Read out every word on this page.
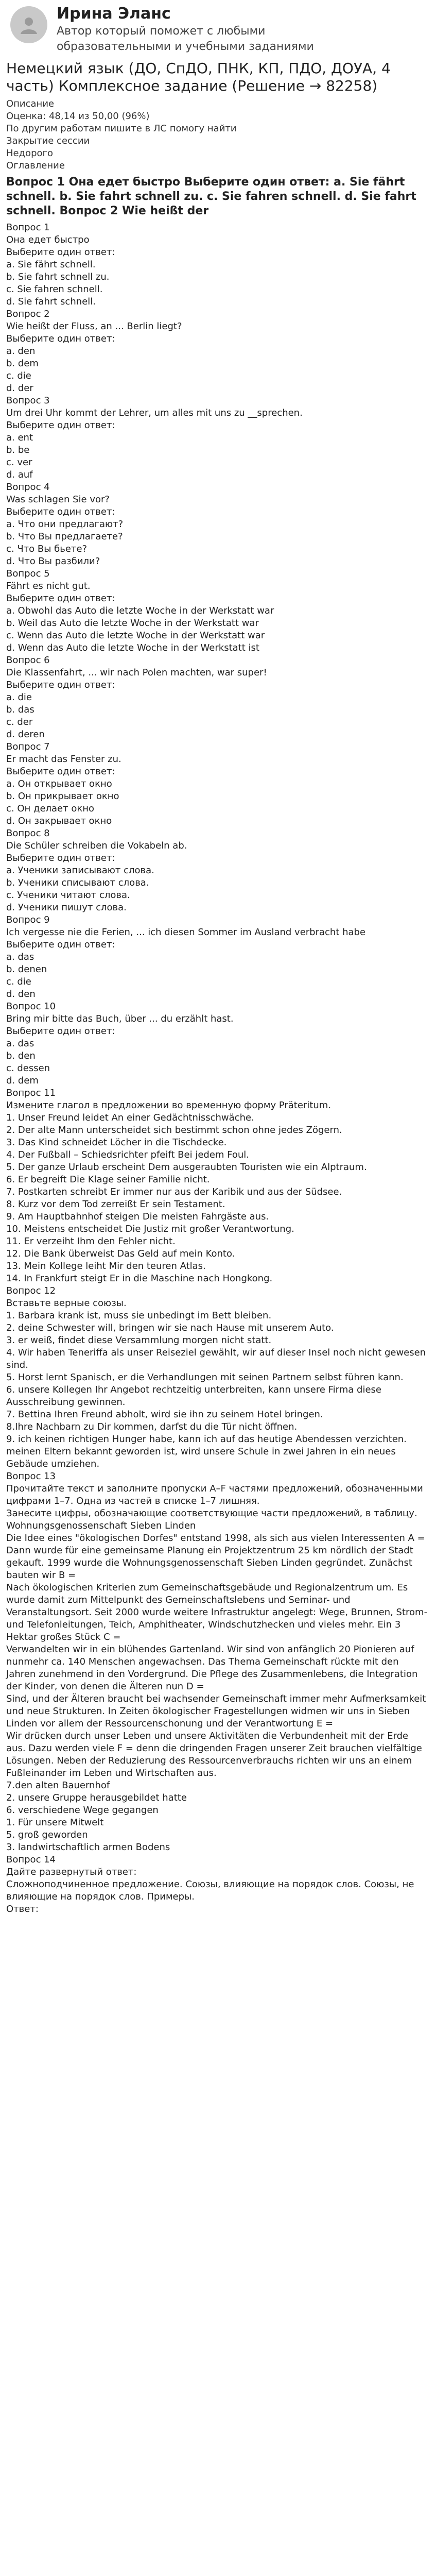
Ирина Эланс
Автор который поможет с любыми образовательными и учебными заданиями
Немецкий язык (ДО, СпДО, ПНК, КП, ПДО, ДОУА, 4 часть) Комплексное задание (Решение → 82258)

Описание

Оценка: 48,14 из 50,00 (96%)

По другим работам пишите в ЛС помогу найти

Закрытие сессии

Недорого

Оглавление

Вопрос 1 Она едет быстро Выберите один ответ: a. Sie fährt schnell. b. Sie fahrt schnell zu. c. Sie fahren schnell. d. Sie fahrt schnell. Вопрос 2 Wie heißt der

Вопрос 1

Она едет быстро

Выберите один ответ:

a. Sie fährt schnell.

b. Sie fahrt schnell zu.

c. Sie fahren schnell.

d. Sie fahrt schnell.

Вопрос 2

Wie heißt der Fluss, an ... Berlin liegt?

Выберите один ответ:

a. den

b. dem

c. die

d. der

Вопрос 3

Um drei Uhr kommt der Lehrer, um alles mit uns zu __sprechen.

Выберите один ответ:

a. ent

b. be

c. ver

d. auf

Вопрос 4

Was schlagen Sie vor?

Выберите один ответ:

a. Что они предлагают?

b. Что Вы предлагаете?

c. Что Вы бьете?

d. Что Вы разбили?

Вопрос 5

Fährt es nicht gut.

Выберите один ответ:

a. Obwohl das Auto die letzte Woche in der Werkstatt war

b. Weil das Auto die letzte Woche in der Werkstatt war

c. Wenn das Auto die letzte Woche in der Werkstatt war

d. Wenn das Auto die letzte Woche in der Werkstatt ist

Вопрос 6

Die Klassenfahrt, ... wir nach Polen machten, war super!

Выберите один ответ:

a. die

b. das

c. der

d. deren

Вопрос 7

Er macht das Fenster zu.

Выберите один ответ:

a. Он открывает окно

b. Он прикрывает окно

c. Он делает окно

d. Он закрывает окно

Вопрос 8

Die Schüler schreiben die Vokabeln ab.

Выберите один ответ:

a. Ученики записывают слова.

b. Ученики списывают слова.

c. Ученики читают слова.

d. Ученики пишут слова.

Вопрос 9

Ich vergesse nie die Ferien, ... ich diesen Sommer im Ausland verbracht habe

Выберите один ответ:

a. das

b. denen

c. die

d. den

Вопрос 10

Bring mir bitte das Buch, über ... du erzählt hast.

Выберите один ответ:

a. das

b. den

c. dessen

d. dem

Вопрос 11

Измените глагол в предложении во временную форму Präteritum.

1. Unser Freund leidet An einer Gedächtnisschwäche.

2. Der alte Mann unterscheidet sich bestimmt schon ohne jedes Zögern.

3. Das Kind schneidet Löcher in die Tischdecke.

4. Der Fußball – Schiedsrichter pfeift Bei jedem Foul.

5. Der ganze Urlaub erscheint Dem ausgeraubten Touristen wie ein Alptraum.

6. Er begreift Die Klage seiner Familie nicht.

7. Postkarten schreibt Er immer nur aus der Karibik und aus der Südsee.

8. Kurz vor dem Tod zerreißt Er sein Testament.

9. Am Hauptbahnhof steigen Die meisten Fahrgäste aus.

10. Meistens entscheidet Die Justiz mit großer Verantwortung.

11. Er verzeiht Ihm den Fehler nicht.

12. Die Bank überweist Das Geld auf mein Konto.

13. Mein Kollege leiht Mir den teuren Atlas.

14. In Frankfurt steigt Er in die Maschine nach Hongkong.

Вопрос 12

Вставьте верные союзы.

1. Barbara krank ist, muss sie unbedingt im Bett bleiben.

2. deine Schwester will, bringen wir sie nach Hause mit unserem Auto.

3. er weiß, findet diese Versammlung morgen nicht statt.

4. Wir haben Teneriffa als unser Reiseziel gewählt, wir auf dieser Insel noch nicht gewesen sind.

5. Horst lernt Spanisch, er die Verhandlungen mit seinen Partnern selbst führen kann.

6. unsere Kollegen Ihr Angebot rechtzeitig unterbreiten, kann unsere Firma diese Ausschreibung gewinnen.

7. Bettina Ihren Freund abholt, wird sie ihn zu seinem Hotel bringen.

8.Ihre Nachbarn zu Dir kommen, darfst du die Tür nicht öffnen.

9. ich keinen richtigen Hunger habe, kann ich auf das heutige Abendessen verzichten.

meinen Eltern bekannt geworden ist, wird unsere Schule in zwei Jahren in ein neues Gebäude umziehen.

Вопрос 13

Прочитайте текст и заполните пропуски A–F частями предложений, обозначенными цифрами 1–7. Одна из частей в списке 1–7 лишняя.

Занесите цифры, обозначающие соответствующие части предложений, в таблицу.

Wohnungsgenossenschaft Sieben Linden

Die Idee eines "ökologischen Dorfes" entstand 1998, als sich aus vielen Interessenten A =

Dann wurde für eine gemeinsame Planung ein Projektzentrum 25 km nördlich der Stadt gekauft. 1999 wurde die Wohnungsgenossenschaft Sieben Linden gegründet. Zunächst bauten wir B =

Nach ökologischen Kriterien zum Gemeinschaftsgebäude und Regionalzentrum um. Es wurde damit zum Mittelpunkt des Gemeinschaftslebens und Seminar- und Veranstaltungsort. Seit 2000 wurde weitere Infrastruktur angelegt: Wege, Brunnen, Strom- und Telefonleitungen, Teich, Amphitheater, Windschutzhecken und vieles mehr. Ein 3 Hektar großes Stück C =

Verwandelten wir in ein blühendes Gartenland. Wir sind von anfänglich 20 Pionieren auf nunmehr ca. 140 Menschen angewachsen. Das Thema Gemeinschaft rückte mit den Jahren zunehmend in den Vordergrund. Die Pflege des Zusammenlebens, die Integration der Kinder, von denen die Älteren nun D =

Sind, und der Älteren braucht bei wachsender Gemeinschaft immer mehr Aufmerksamkeit und neue Strukturen. In Zeiten ökologischer Fragestellungen widmen wir uns in Sieben Linden vor allem der Ressourcenschonung und der Verantwortung E =

Wir drücken durch unser Leben und unsere Aktivitäten die Verbundenheit mit der Erde aus. Dazu werden viele F = denn die dringenden Fragen unserer Zeit brauchen vielfältige Lösungen. Neben der Reduzierung des Ressourcenverbrauchs richten wir uns an einem Fußleinander im Leben und Wirtschaften aus.

7.den alten Bauernhof

2. unsere Gruppe herausgebildet hatte

6. verschiedene Wege gegangen

1. Für unsere Mitwelt

5. groß geworden

3. landwirtschaftlich armen Bodens

Вопрос 14

Дайте развернутый ответ:

Сложноподчиненное предложение. Союзы, влияющие на порядок слов. Союзы, не влияющие на порядок слов. Примеры.

Ответ:
